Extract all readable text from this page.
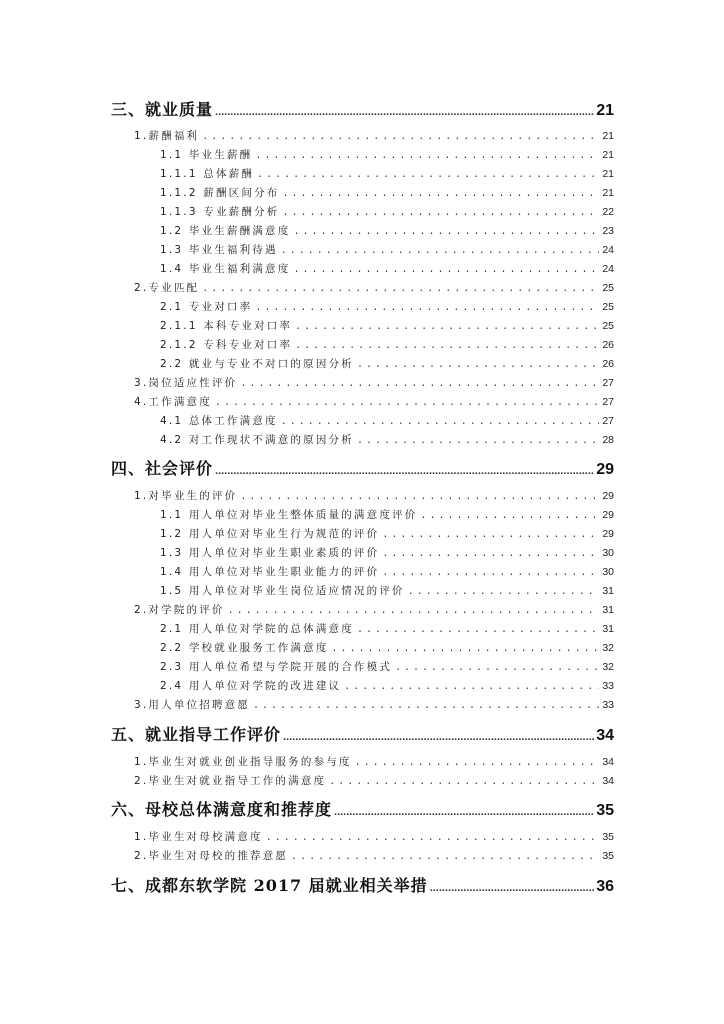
三、就业质量 .....	21
1.薪酬福利 .....	21
1.1 毕业生薪酬 .....	21
1.1.1 总体薪酬 .....	21
1.1.2 薪酬区间分布 .....	21
1.1.3 专业薪酬分析 .....	22
1.2 毕业生薪酬满意度 .....	23
1.3 毕业生福利待遇 .....	24
1.4 毕业生福利满意度 .....	24
2.专业匹配 .....	25
2.1 专业对口率 .....	25
2.1.1 本科专业对口率 .....	25
2.1.2 专科专业对口率 .....	26
2.2 就业与专业不对口的原因分析 .....	26
3.岗位适应性评价 .....	27
4.工作满意度 .....	27
4.1 总体工作满意度 .....	27
4.2 对工作现状不满意的原因分析 .....	28
四、社会评价 .....	29
1.对毕业生的评价 .....	29
1.1 用人单位对毕业生整体质量的满意度评价 .....	29
1.2 用人单位对毕业生行为规范的评价 .....	29
1.3 用人单位对毕业生职业素质的评价 .....	30
1.4 用人单位对毕业生职业能力的评价 .....	30
1.5 用人单位对毕业生岗位适应情况的评价 .....	31
2.对学院的评价 .....	31
2.1 用人单位对学院的总体满意度 .....	31
2.2 学校就业服务工作满意度 .....	32
2.3 用人单位希望与学院开展的合作模式 .....	32
2.4 用人单位对学院的改进建议 .....	33
3.用人单位招聘意愿 .....	33
五、就业指导工作评价 .....	34
1.毕业生对就业创业指导服务的参与度 .....	34
2.毕业生对就业指导工作的满意度 .....	34
六、母校总体满意度和推荐度 .....	35
1.毕业生对母校满意度 .....	35
2.毕业生对母校的推荐意愿 .....	35
七、成都东软学院 2017 届就业相关举措 .....	36
